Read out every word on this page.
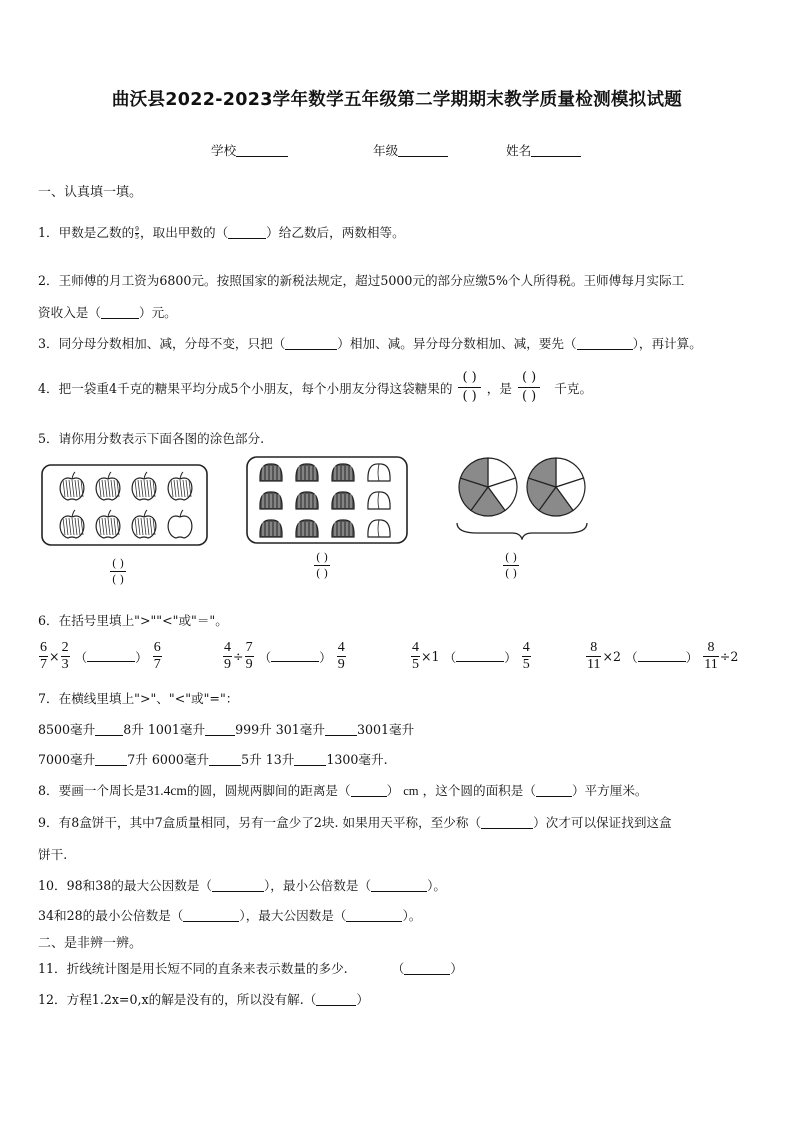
曲沃县2022-2023学年数学五年级第二学期期末教学质量检测模拟试题
学校	年级	姓名
一、认真填一填。
1．甲数是乙数的 $\frac{9}{5}$ ，取出甲数的（	）给乙数后，两数相等。
2．王师傅的月工资为6800元。按照国家的新税法规定，超过5000元的部分应缴5%个人所得税。王师傅每月实际工
资收入是（	）元。
3．同分母分数相加、减，分母不变，只把（	）相加、减。异分母分数相加、减，要先（	），再计算。
4．把一袋重4千克的糖果平均分成5个小朋友，每个小朋友分得这袋糖果的
( )
( )
，是
( )
( )
千克。
5．请你用分数表示下面各图的涂色部分.
( )
( )
( )
( )
( )
( )
6．在括号里填上">""<"或"＝"。
$\frac{6}{7} \times \frac{2}{3}$ （	） $\frac{6}{7}$	$\frac{4}{9} \div \frac{7}{9}$ （	） $\frac{4}{9}$	$\frac{4}{5} \times 1$ （	） $\frac{4}{5}$	$\frac{8}{11} \times 2$ （	） $\frac{8}{11} \div 2$
7．在横线里填上">"、"<"或"="：
8500毫升 8升 1001毫升 999升 301毫升	3001毫升
7000毫升	7升 6000毫升	5升 13升	1300毫升.
8．要画一个周长是31.4cm的圆，圆规两脚间的距离是（	） cm ，这个圆的面积是（	）平方厘米。
9．有8盒饼干，其中7盒质量相同，另有一盒少了2块. 如果用天平称，至少称（	）次才可以保证找到这盒
饼干.
10．98和38的最大公因数是（	），最小公倍数是（	）。
34和28的最小公倍数是（	），最大公因数是（	）。
二、是非辨一辨。
11．折线统计图是用长短不同的直条来表示数量的多少.	（	）
12．方程1.2x=0,x的解是没有的，所以没有解.（	）
